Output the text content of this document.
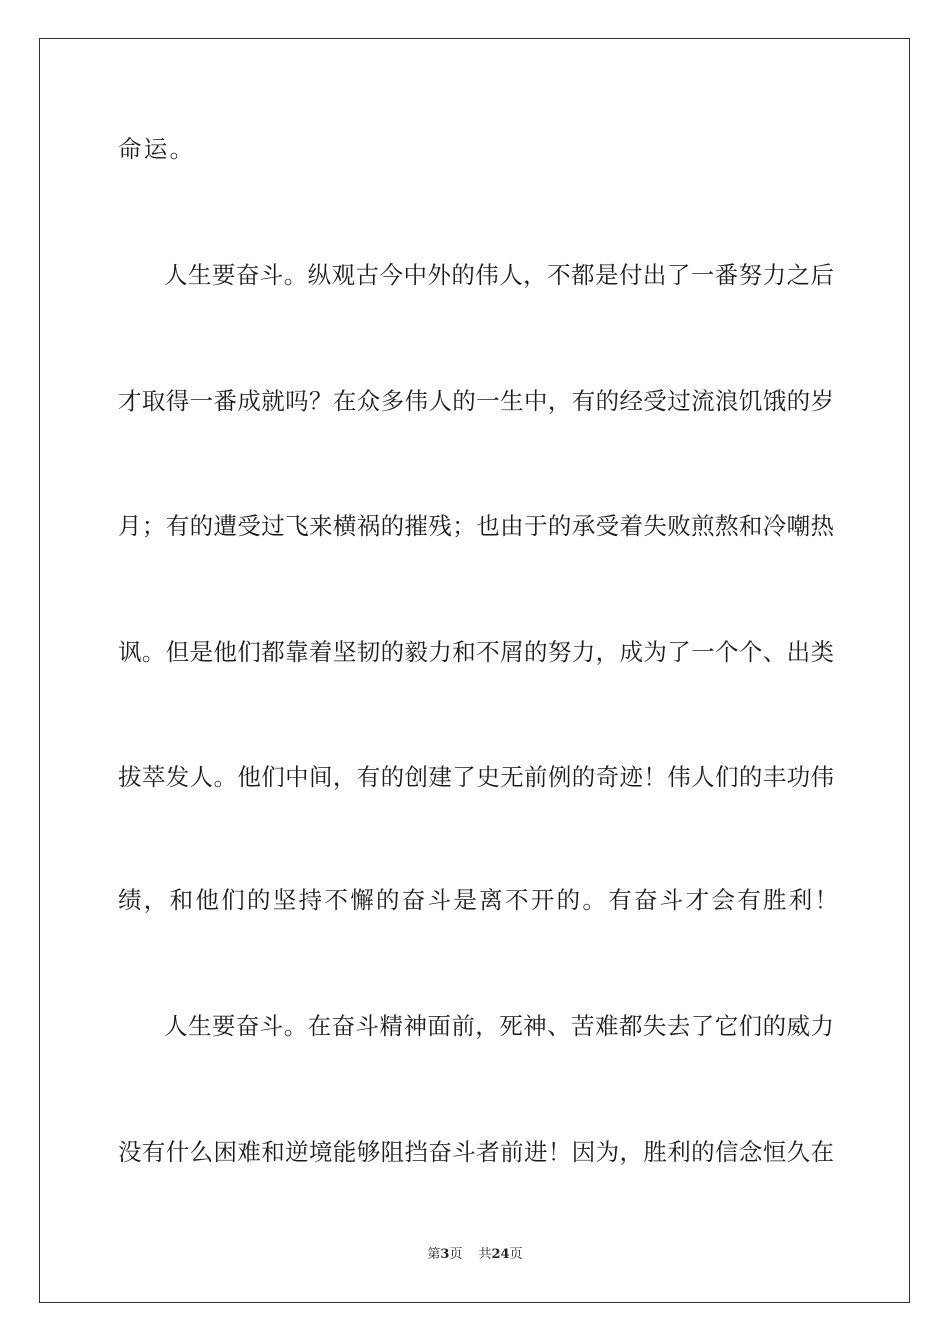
命运。
人生要奋斗。纵观古今中外的伟人，不都是付出了一番努力之后
才取得一番成就吗？在众多伟人的一生中，有的经受过流浪饥饿的岁
月；有的遭受过飞来横祸的摧残；也由于的承受着失败煎熬和冷嘲热
讽。但是他们都靠着坚韧的毅力和不屑的努力，成为了一个个、出类
拔萃发人。他们中间，有的创建了史无前例的奇迹！伟人们的丰功伟
绩，和他们的坚持不懈的奋斗是离不开的。有奋斗才会有胜利！
人生要奋斗。在奋斗精神面前，死神、苦难都失去了它们的威力
没有什么困难和逆境能够阻挡奋斗者前进！因为，胜利的信念恒久在
第3页 共24页
